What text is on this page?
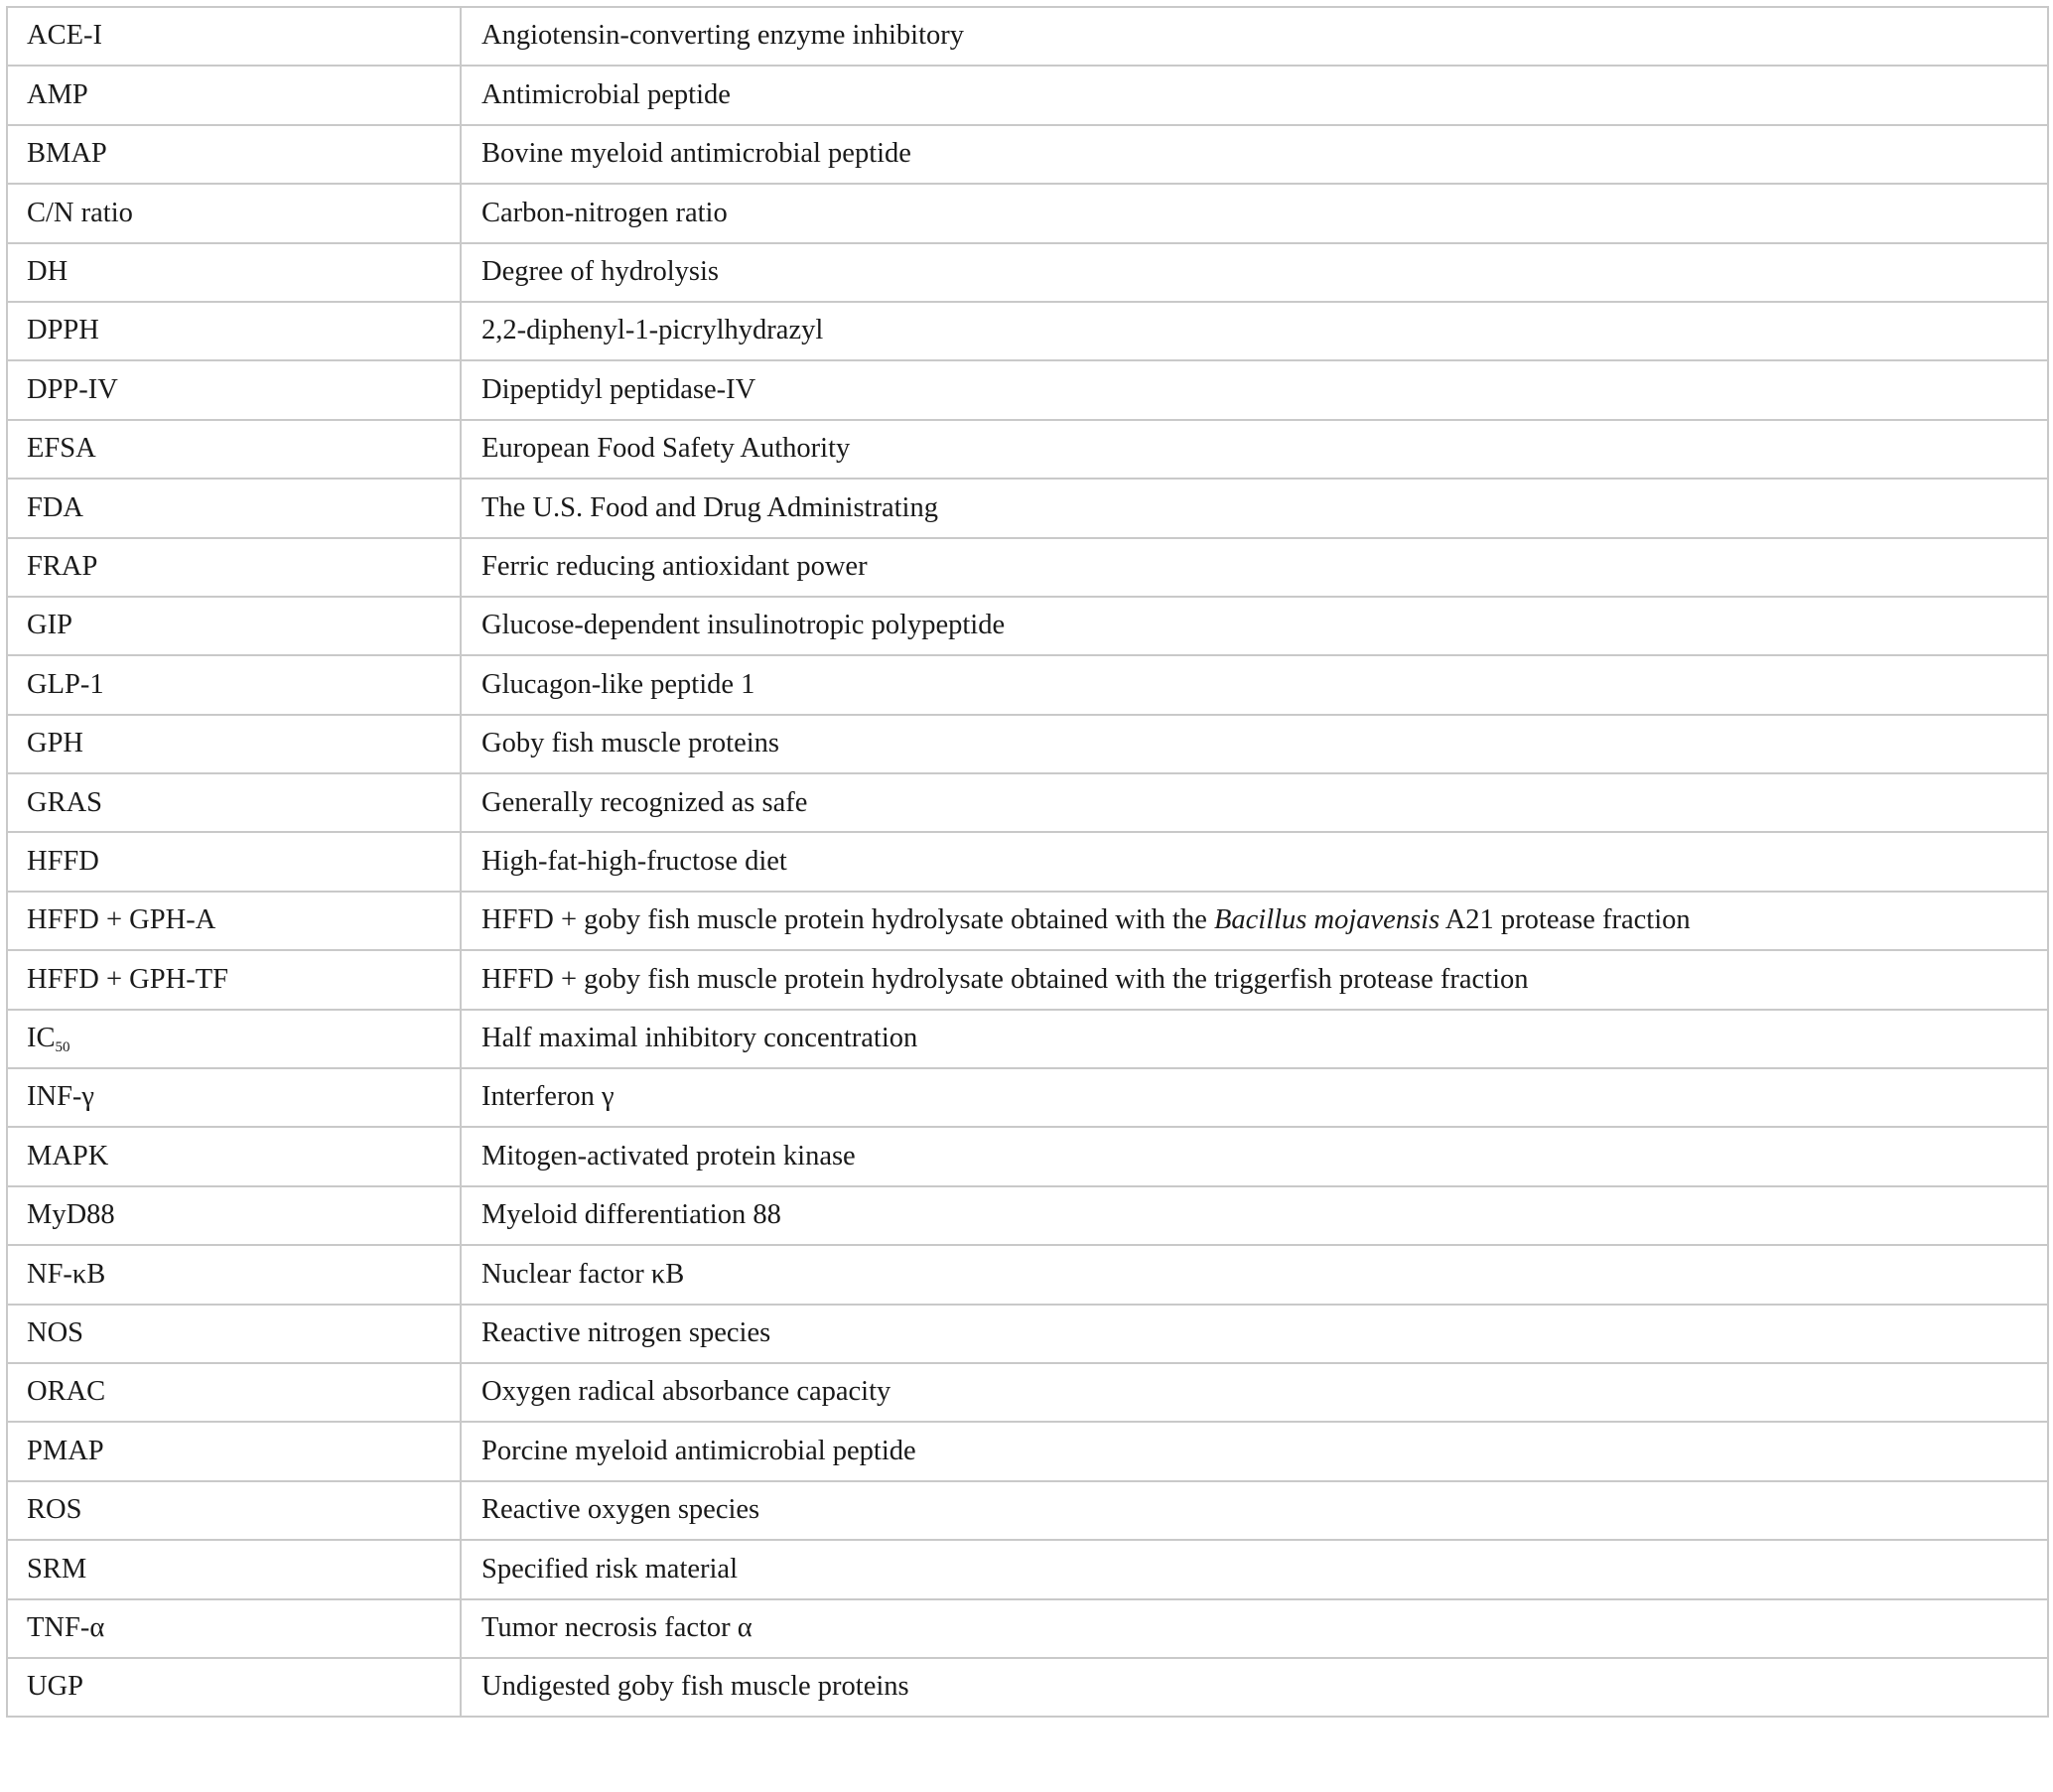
ACE-I	Angiotensin-converting enzyme inhibitory
AMP	Antimicrobial peptide
BMAP	Bovine myeloid antimicrobial peptide
C/N ratio	Carbon-nitrogen ratio
DH	Degree of hydrolysis
DPPH	2,2-diphenyl-1-picrylhydrazyl
DPP-IV	Dipeptidyl peptidase-IV
EFSA	European Food Safety Authority
FDA	The U.S. Food and Drug Administrating
FRAP	Ferric reducing antioxidant power
GIP	Glucose-dependent insulinotropic polypeptide
GLP-1	Glucagon-like peptide 1
GPH	Goby fish muscle proteins
GRAS	Generally recognized as safe
HFFD	High-fat-high-fructose diet
HFFD + GPH-A	HFFD + goby fish muscle protein hydrolysate obtained with the Bacillus mojavensis A21 protease fraction
HFFD + GPH-TF	HFFD + goby fish muscle protein hydrolysate obtained with the triggerfish protease fraction
$IC_{50}$	Half maximal inhibitory concentration
INF-γ	Interferon γ
MAPK	Mitogen-activated protein kinase
MyD88	Myeloid differentiation 88
NF-κB	Nuclear factor κB
NOS	Reactive nitrogen species
ORAC	Oxygen radical absorbance capacity
PMAP	Porcine myeloid antimicrobial peptide
ROS	Reactive oxygen species
SRM	Specified risk material
TNF-α	Tumor necrosis factor α
UGP	Undigested goby fish muscle proteins
